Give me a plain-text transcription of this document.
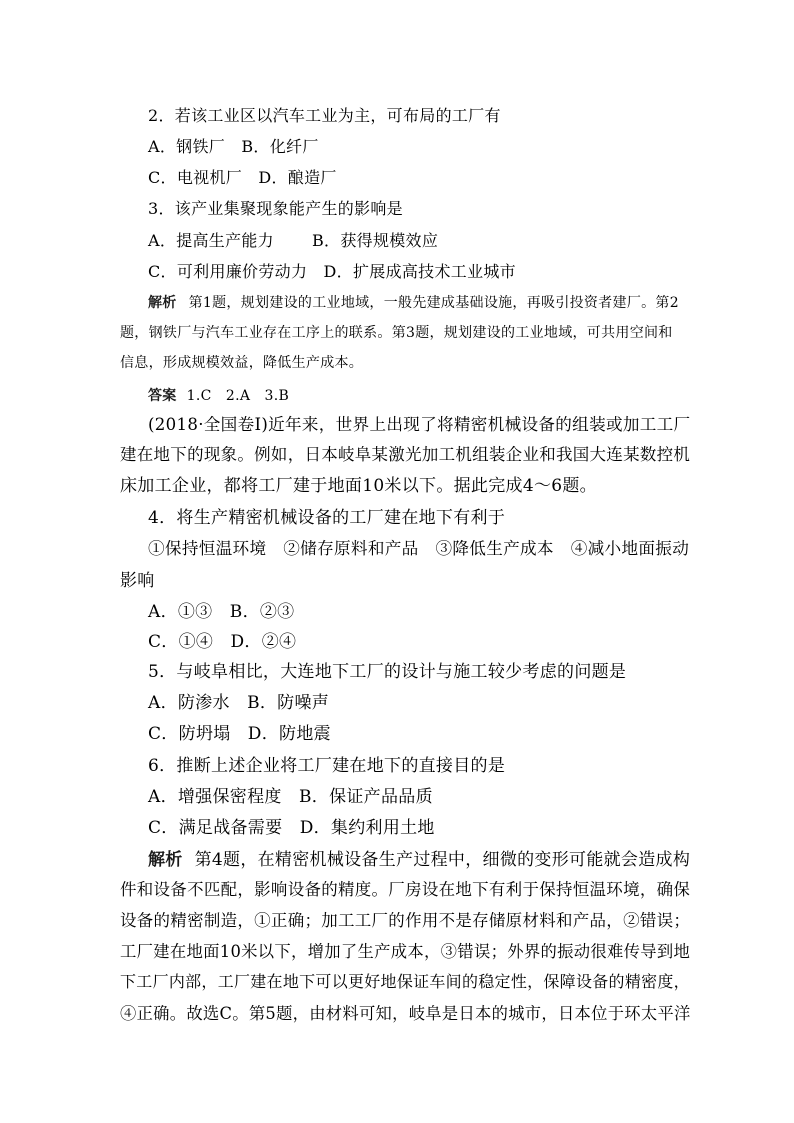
2．若该工业区以汽车工业为主，可布局的工厂有
A．钢铁厂　B．化纤厂
C．电视机厂　D．酿造厂
3．该产业集聚现象能产生的影响是
A．提高生产能力 B．获得规模效应
C．可利用廉价劳动力　D．扩展成高技术工业城市
解析 第1题，规划建设的工业地域，一般先建成基础设施，再吸引投资者建厂。第2
题，钢铁厂与汽车工业存在工序上的联系。第3题，规划建设的工业地域，可共用空间和
信息，形成规模效益，降低生产成本。
答案 1.C　2.A　3.B
(2018·全国卷Ⅰ)近年来，世界上出现了将精密机械设备的组装或加工工厂
建在地下的现象。例如，日本岐阜某激光加工机组装企业和我国大连某数控机
床加工企业，都将工厂建于地面10米以下。据此完成4～6题。
4．将生产精密机械设备的工厂建在地下有利于
①保持恒温环境　②储存原料和产品　③降低生产成本　④减小地面振动
影响
A．①③　B．②③
C．①④　D．②④
5．与岐阜相比，大连地下工厂的设计与施工较少考虑的问题是
A．防渗水　B．防噪声
C．防坍塌　D．防地震
6．推断上述企业将工厂建在地下的直接目的是
A．增强保密程度　B．保证产品品质
C．满足战备需要　D．集约利用土地
解析 第4题，在精密机械设备生产过程中，细微的变形可能就会造成构
件和设备不匹配，影响设备的精度。厂房设在地下有利于保持恒温环境，确保
设备的精密制造，①正确；加工工厂的作用不是存储原材料和产品，②错误；
工厂建在地面10米以下，增加了生产成本，③错误；外界的振动很难传导到地
下工厂内部，工厂建在地下可以更好地保证车间的稳定性，保障设备的精密度，
④正确。故选C。第5题，由材料可知，岐阜是日本的城市，日本位于环太平洋
